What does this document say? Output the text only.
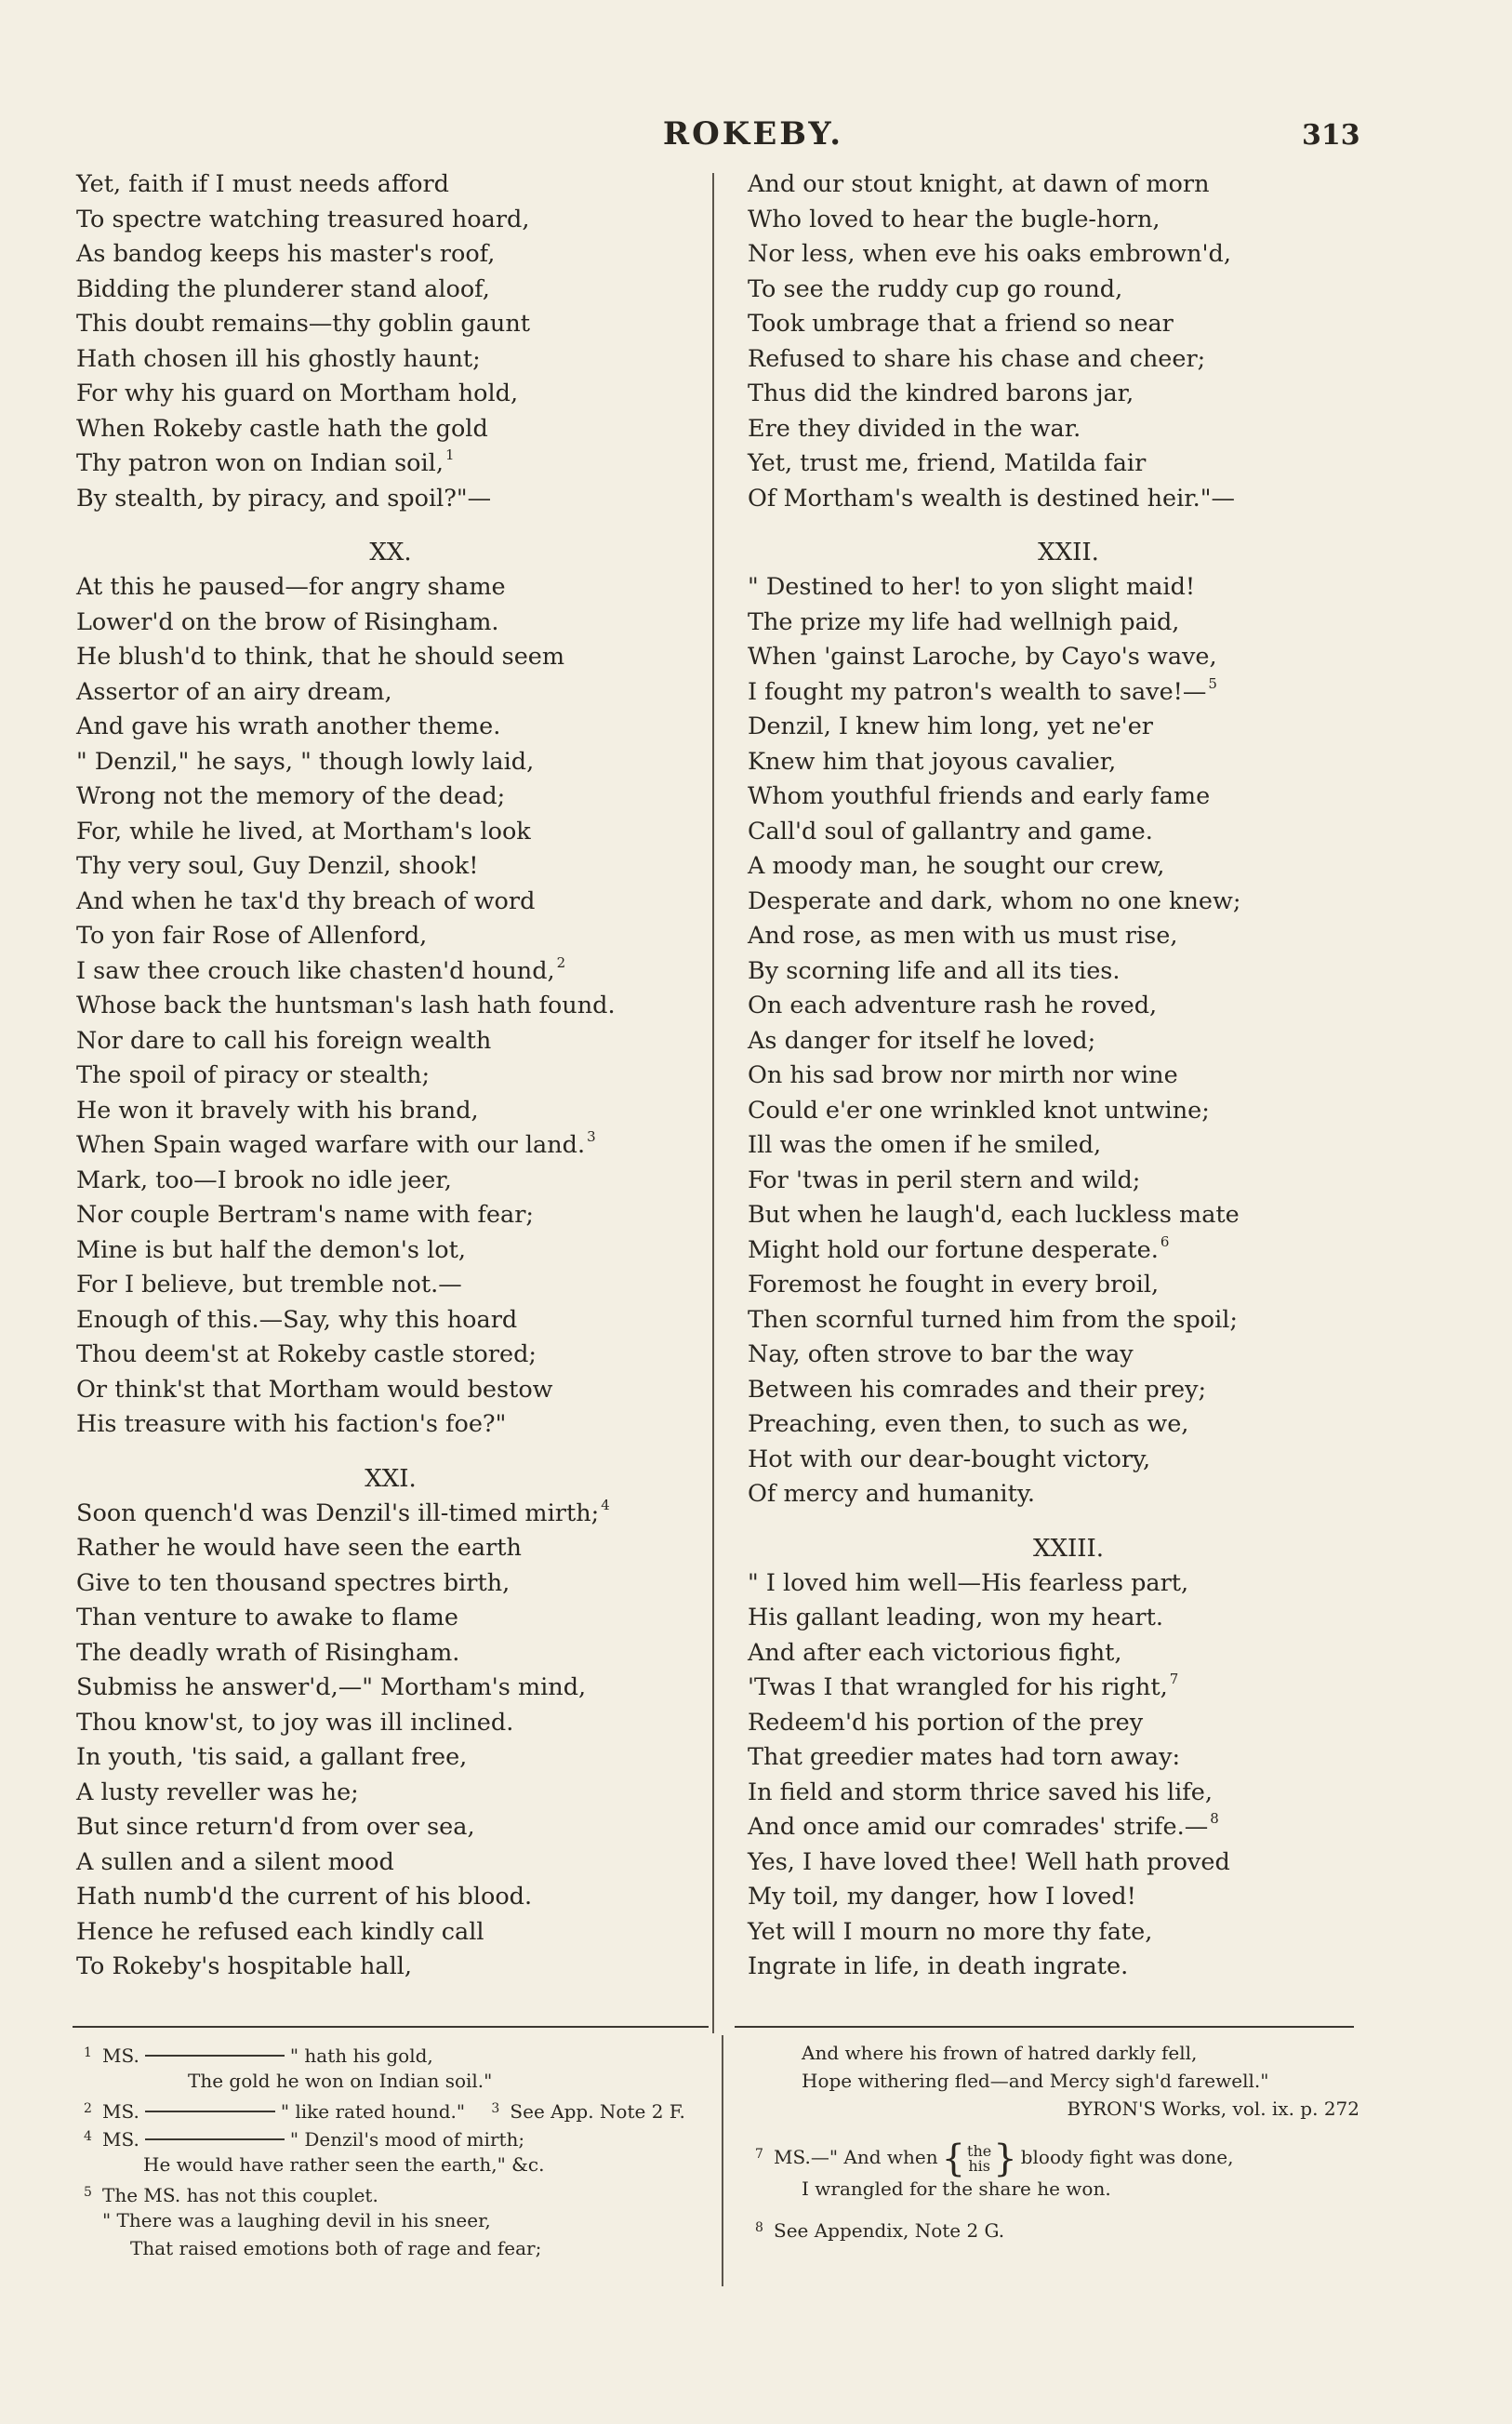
ROKEBY.	313
Yet, faith if I must needs afford
To spectre watching treasured hoard,
As bandog keeps his master's roof,
Bidding the plunderer stand aloof,
This doubt remains—thy goblin gaunt
Hath chosen ill his ghostly haunt;
For why his guard on Mortham hold,
When Rokeby castle hath the gold
Thy patron won on Indian soil, $^1$
By stealth, by piracy, and spoil?"—
XX.
At this he paused—for angry shame
Lower'd on the brow of Risingham.
He blush'd to think, that he should seem
Assertor of an airy dream,
And gave his wrath another theme.
" Denzil," he says, " though lowly laid,
Wrong not the memory of the dead;
For, while he lived, at Mortham's look
Thy very soul, Guy Denzil, shook!
And when he tax'd thy breach of word
To yon fair Rose of Allenford,
I saw thee crouch like chasten'd hound, $^2$
Whose back the huntsman's lash hath found.
Nor dare to call his foreign wealth
The spoil of piracy or stealth;
He won it bravely with his brand,
When Spain waged warfare with our land. $^3$
Mark, too—I brook no idle jeer,
Nor couple Bertram's name with fear;
Mine is but half the demon's lot,
For I believe, but tremble not.—
Enough of this.—Say, why this hoard
Thou deem'st at Rokeby castle stored;
Or think'st that Mortham would bestow
His treasure with his faction's foe?"
XXI.
Soon quench'd was Denzil's ill-timed mirth; $^4$
Rather he would have seen the earth
Give to ten thousand spectres birth,
Than venture to awake to flame
The deadly wrath of Risingham.
Submiss he answer'd,—" Mortham's mind,
Thou know'st, to joy was ill inclined.
In youth, 'tis said, a gallant free,
A lusty reveller was he;
But since return'd from over sea,
A sullen and a silent mood
Hath numb'd the current of his blood.
Hence he refused each kindly call
To Rokeby's hospitable hall,
And our stout knight, at dawn of morn
Who loved to hear the bugle-horn,
Nor less, when eve his oaks embrown'd,
To see the ruddy cup go round,
Took umbrage that a friend so near
Refused to share his chase and cheer;
Thus did the kindred barons jar,
Ere they divided in the war.
Yet, trust me, friend, Matilda fair
Of Mortham's wealth is destined heir."—
XXII.
" Destined to her! to yon slight maid!
The prize my life had wellnigh paid,
When 'gainst Laroche, by Cayo's wave,
I fought my patron's wealth to save!— $^5$
Denzil, I knew him long, yet ne'er
Knew him that joyous cavalier,
Whom youthful friends and early fame
Call'd soul of gallantry and game.
A moody man, he sought our crew,
Desperate and dark, whom no one knew;
And rose, as men with us must rise,
By scorning life and all its ties.
On each adventure rash he roved,
As danger for itself he loved;
On his sad brow nor mirth nor wine
Could e'er one wrinkled knot untwine;
Ill was the omen if he smiled,
For 'twas in peril stern and wild;
But when he laugh'd, each luckless mate
Might hold our fortune desperate. $^6$
Foremost he fought in every broil,
Then scornful turned him from the spoil;
Nay, often strove to bar the way
Between his comrades and their prey;
Preaching, even then, to such as we,
Hot with our dear-bought victory,
Of mercy and humanity.
XXIII.
" I loved him well—His fearless part,
His gallant leading, won my heart.
And after each victorious fight,
'Twas I that wrangled for his right, $^7$
Redeem'd his portion of the prey
That greedier mates had torn away:
In field and storm thrice saved his life,
And once amid our comrades' strife.— $^8$
Yes, I have loved thee! Well hath proved
My toil, my danger, how I loved!
Yet will I mourn no more thy fate,
Ingrate in life, in death ingrate.
1 MS.	" hath his gold,
The gold he won on Indian soil."
2 MS.	" like rated hound." 3 See App. Note 2 F.
4 MS.	" Denzil's mood of mirth;
He would have rather seen the earth," &c.
5 The MS. has not this couplet.
" There was a laughing devil in his sneer,
That raised emotions both of rage and fear;
And where his frown of hatred darkly fell,
Hope withering fled—and Mercy sigh'd farewell."
BYRON'S Works, vol. ix. p. 272
7 MS.—" And when { the
his } bloody fight was done,
I wrangled for the share he won.
8 See Appendix, Note 2 G.
